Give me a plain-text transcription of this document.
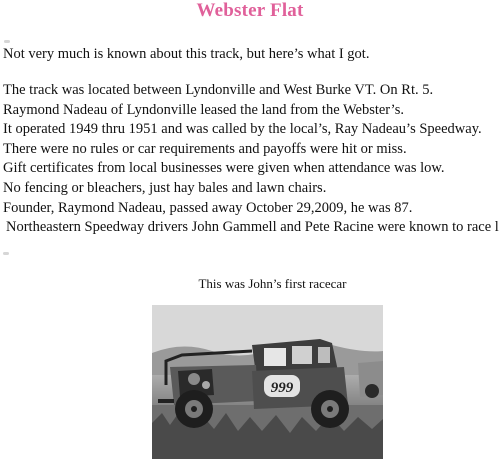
Webster Flat
Not very much is known about this track, but here’s what I got.
The track was located between Lyndonville and West Burke VT. On Rt. 5.
Raymond Nadeau of Lyndonville leased the land from the Webster’s.
It operated 1949 thru 1951 and was called by the local’s, Ray Nadeau’s Speedway.
There were no rules or car requirements and payoffs were hit or miss.
Gift certificates from local businesses were given when attendance was low.
No fencing or bleachers, just hay bales and lawn chairs.
Founder, Raymond Nadeau, passed away October 29,2009, he was 87.
Northeastern Speedway drivers John Gammell and Pete Racine were known to race l
This was John’s first racecar
999
